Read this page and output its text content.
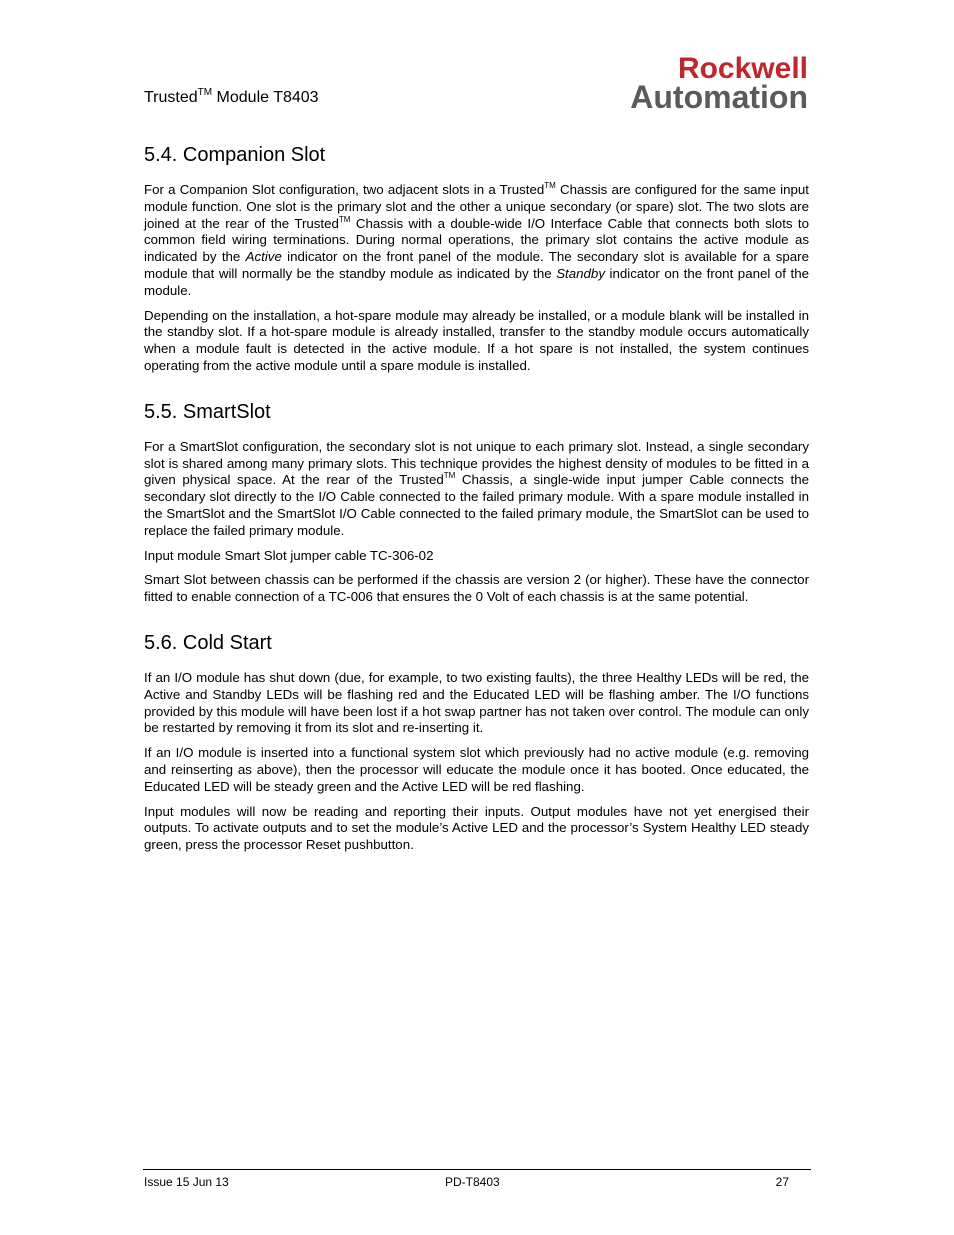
Trusted™ Module T8403
Rockwell
Automation
5.4. Companion Slot

For a Companion Slot configuration, two adjacent slots in a Trusted™ Chassis are configured for the same input module function. One slot is the primary slot and the other a unique secondary (or spare) slot. The two slots are joined at the rear of the Trusted™ Chassis with a double-wide I/O Interface Cable that connects both slots to common field wiring terminations. During normal operations, the primary slot contains the active module as indicated by the Active indicator on the front panel of the module. The secondary slot is available for a spare module that will normally be the standby module as indicated by the Standby indicator on the front panel of the module.

Depending on the installation, a hot-spare module may already be installed, or a module blank will be installed in the standby slot. If a hot-spare module is already installed, transfer to the standby module occurs automatically when a module fault is detected in the active module. If a hot spare is not installed, the system continues operating from the active module until a spare module is installed.

5.5. SmartSlot

For a SmartSlot configuration, the secondary slot is not unique to each primary slot. Instead, a single secondary slot is shared among many primary slots. This technique provides the highest density of modules to be fitted in a given physical space. At the rear of the Trusted™ Chassis, a single-wide input jumper Cable connects the secondary slot directly to the I/O Cable connected to the failed primary module. With a spare module installed in the SmartSlot and the SmartSlot I/O Cable connected to the failed primary module, the SmartSlot can be used to replace the failed primary module.

Input module Smart Slot jumper cable TC-306-02

Smart Slot between chassis can be performed if the chassis are version 2 (or higher). These have the connector fitted to enable connection of a TC-006 that ensures the 0 Volt of each chassis is at the same potential.

5.6. Cold Start

If an I/O module has shut down (due, for example, to two existing faults), the three Healthy LEDs will be red, the Active and Standby LEDs will be flashing red and the Educated LED will be flashing amber. The I/O functions provided by this module will have been lost if a hot swap partner has not taken over control. The module can only be restarted by removing it from its slot and re-inserting it.

If an I/O module is inserted into a functional system slot which previously had no active module (e.g. removing and reinserting as above), then the processor will educate the module once it has booted. Once educated, the Educated LED will be steady green and the Active LED will be red flashing.

Input modules will now be reading and reporting their inputs. Output modules have not yet energised their outputs. To activate outputs and to set the module’s Active LED and the processor’s System Healthy LED steady green, press the processor Reset pushbutton.

Issue 15 Jun 13	PD-T8403	27
